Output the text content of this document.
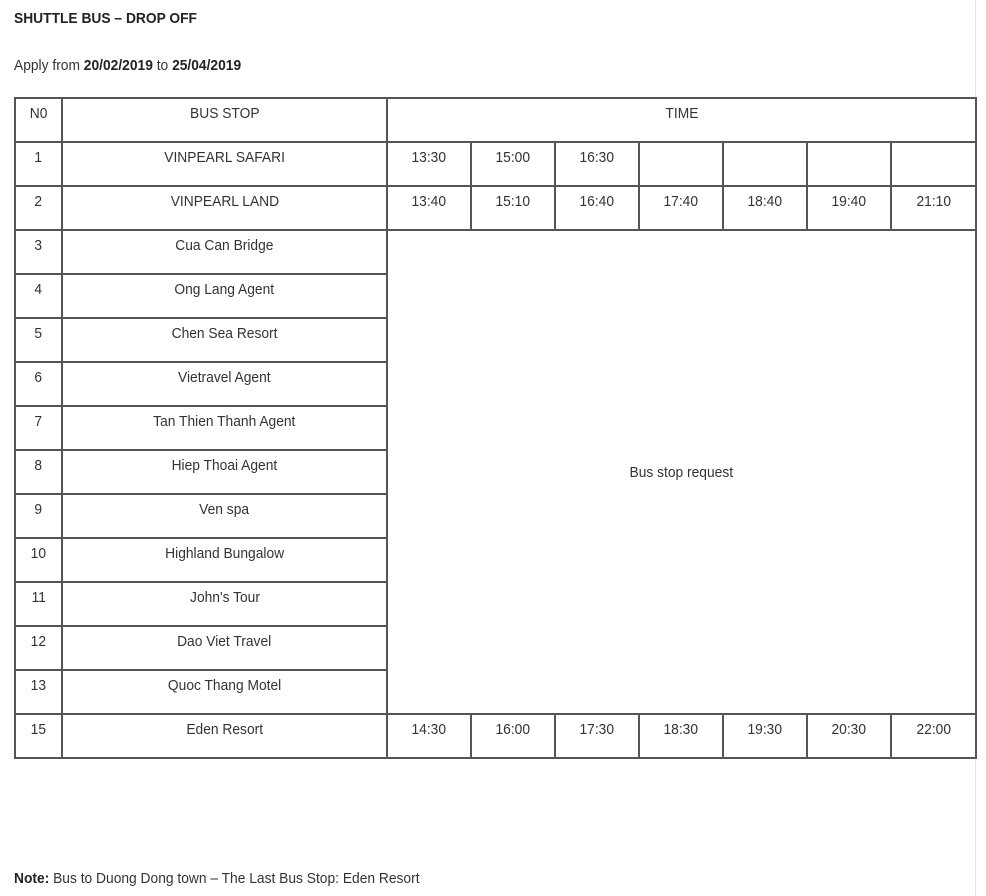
SHUTTLE BUS – DROP OFF
Apply from 20/02/2019 to 25/04/2019
N0	BUS STOP	TIME						
1	VINPEARL SAFARI	13:30	15:00	16:30				
2	VINPEARL LAND	13:40	15:10	16:40	17:40	18:40	19:40	21:10
3	Cua Can Bridge	Bus stop request						
4	Ong Lang Agent							
5	Chen Sea Resort							
6	Vietravel Agent							
7	Tan Thien Thanh Agent							
8	Hiep Thoai Agent							
9	Ven spa							
10	Highland Bungalow							
11	John's Tour							
12	Dao Viet Travel							
13	Quoc Thang Motel							
15	Eden Resort	14:30	16:00	17:30	18:30	19:30	20:30	22:00
Note: Bus to Duong Dong town – The Last Bus Stop: Eden Resort
